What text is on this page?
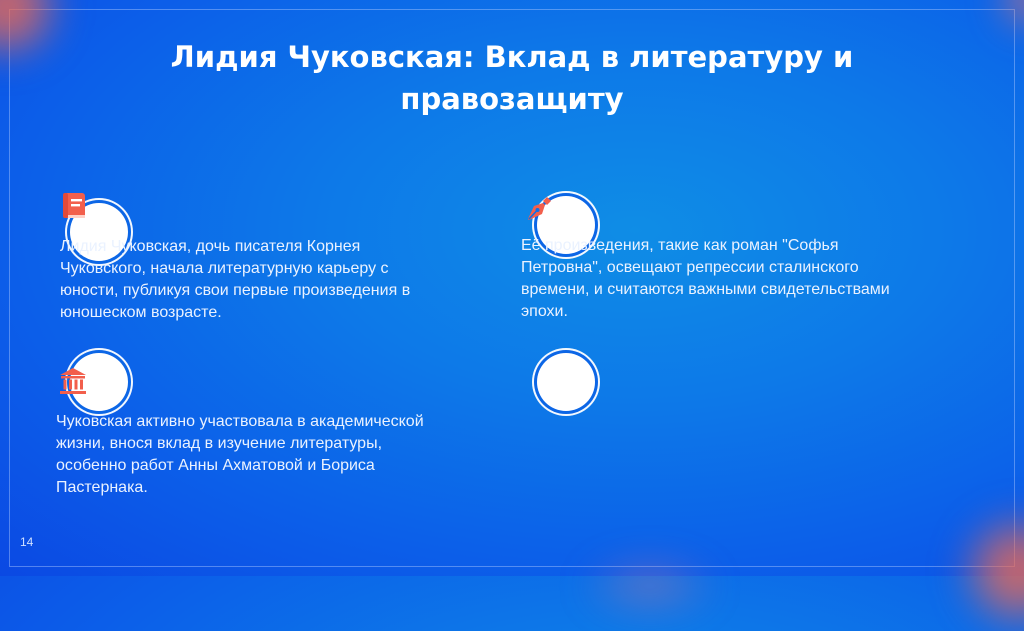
Лидия Чуковская: Вклад в литературу и правозащиту

Лидия Чуковская, дочь писателя Корнея Чуковского, начала литературную карьеру с юности, публикуя свои первые произведения в юношеском возрасте.

Её произведения, такие как роман "Софья Петровна", освещают репрессии сталинского времени, и считаются важными свидетельствами эпохи.

Чуковская активно участвовала в академической жизни, внося вклад в изучение литературы, особенно работ Анны Ахматовой и Бориса Пастернака.

14
